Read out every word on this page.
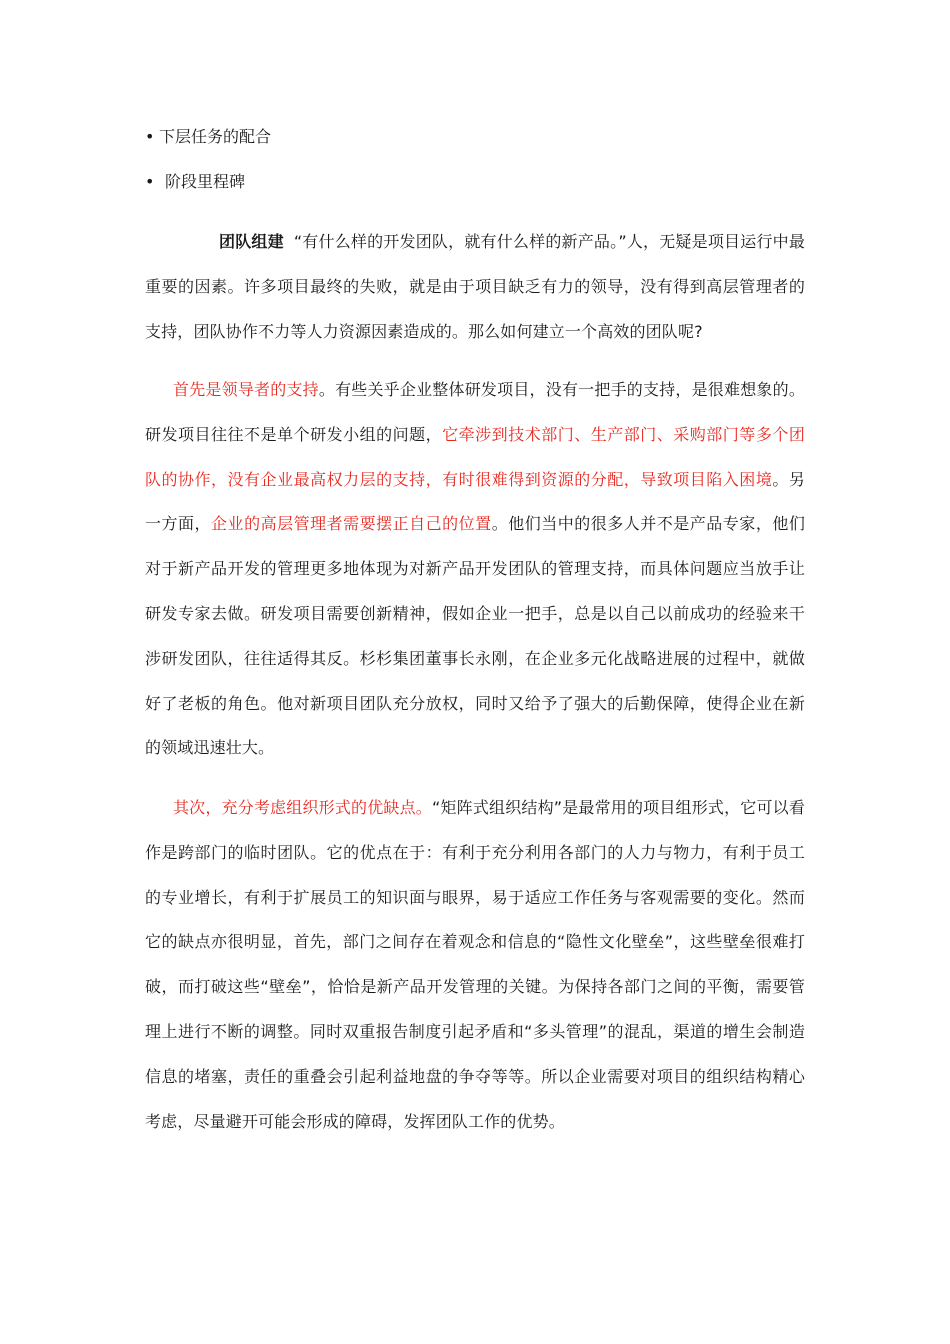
• 下层任务的配合
• 阶段里程碑

团队组建 “有什么样的开发团队，就有什么样的新产品。”人，无疑是项目运行中最重要的因素。许多项目最终的失败，就是由于项目缺乏有力的领导，没有得到高层管理者的支持，团队协作不力等人力资源因素造成的。那么如何建立一个高效的团队呢?

首先是领导者的支持。有些关乎企业整体研发项目，没有一把手的支持，是很难想象的。研发项目往往不是单个研发小组的问题，它牵涉到技术部门、生产部门、采购部门等多个团队的协作，没有企业最高权力层的支持，有时很难得到资源的分配，导致项目陷入困境。另一方面，企业的高层管理者需要摆正自己的位置。他们当中的很多人并不是产品专家，他们对于新产品开发的管理更多地体现为对新产品开发团队的管理支持，而具体问题应当放手让研发专家去做。研发项目需要创新精神，假如企业一把手，总是以自己以前成功的经验来干涉研发团队，往往适得其反。杉杉集团董事长永刚，在企业多元化战略进展的过程中，就做好了老板的角色。他对新项目团队充分放权，同时又给予了强大的后勤保障，使得企业在新的领域迅速壮大。

其次，充分考虑组织形式的优缺点。“矩阵式组织结构”是最常用的项目组形式，它可以看作是跨部门的临时团队。它的优点在于：有利于充分利用各部门的人力与物力，有利于员工的专业增长，有利于扩展员工的知识面与眼界，易于适应工作任务与客观需要的变化。然而它的缺点亦很明显，首先，部门之间存在着观念和信息的“隐性文化壁垒”，这些壁垒很难打破，而打破这些“壁垒”，恰恰是新产品开发管理的关键。为保持各部门之间的平衡，需要管理上进行不断的调整。同时双重报告制度引起矛盾和“多头管理”的混乱，渠道的增生会制造信息的堵塞，责任的重叠会引起利益地盘的争夺等等。所以企业需要对项目的组织结构精心考虑，尽量避开可能会形成的障碍，发挥团队工作的优势。
